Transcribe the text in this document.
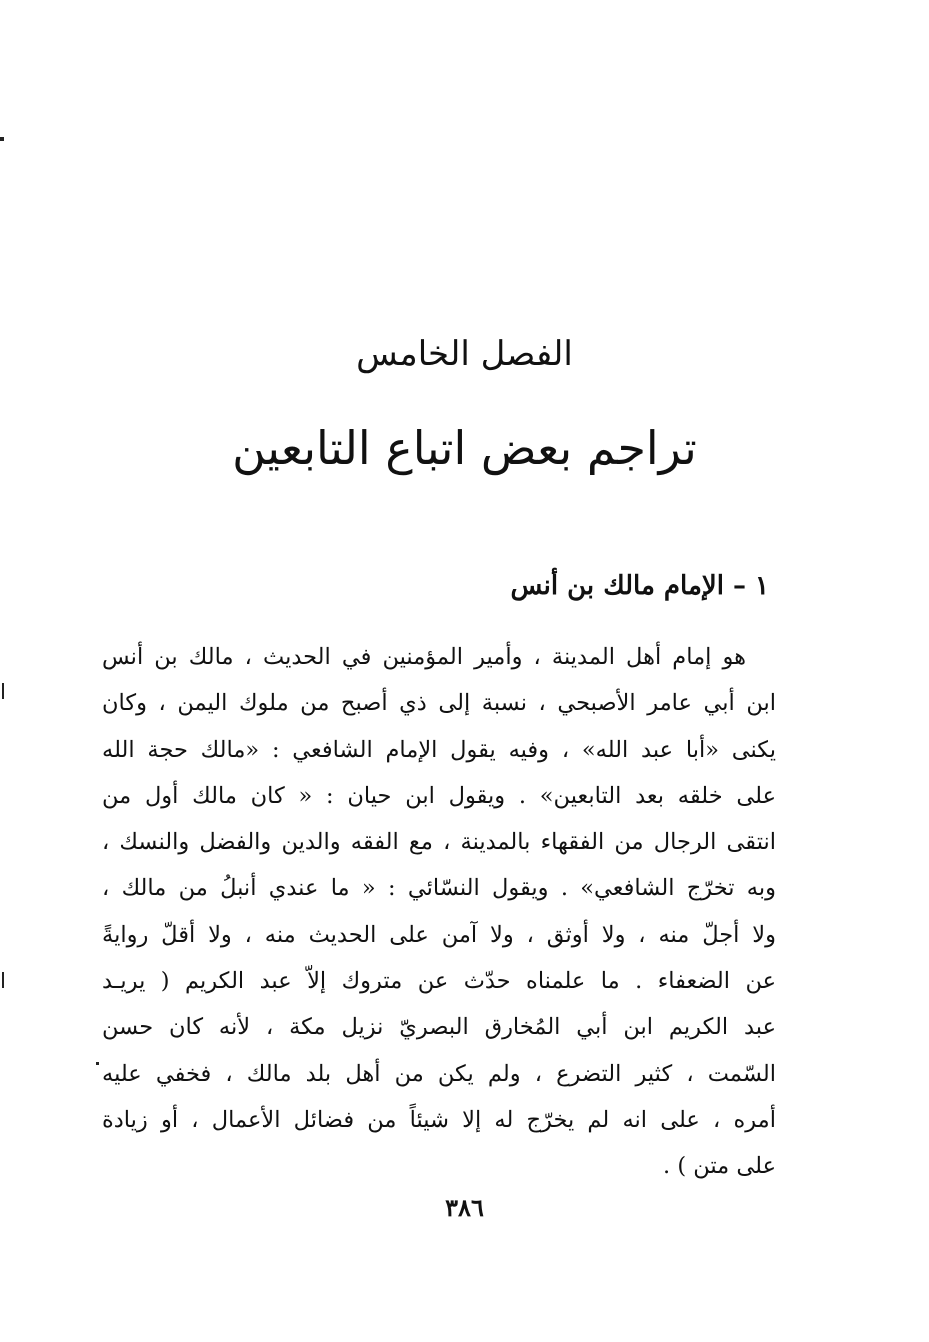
الفصل الخامس
تراجم بعض اتباع التابعين
١ – الإمام مالك بن أنس
هو إمام أهل المدينة ، وأمير المؤمنين في الحديث ، مالك بن أنس
ابن أبي عامر الأصبحي ، نسبة إلى ذي أصبح من ملوك اليمن ، وكان
يكنى «أبا عبد الله» ، وفيه يقول الإمام الشافعي : «مالك حجة الله
على خلقه بعد التابعين» . ويقول ابن حيان : « كان مالك أول من
انتقى الرجال من الفقهاء بالمدينة ، مع الفقه والدين والفضل والنسك ،
وبه تخرّج الشافعي» . ويقول النسّائي : « ما عندي أنبلُ من مالك ،
ولا أجلّ منه ، ولا أوثق ، ولا آمن على الحديث منه ، ولا أقلّ روايةً
عن الضعفاء . ما علمناه حدّث عن متروك إلاّ عبد الكريم ( يريـد
عبد الكريم ابن أبي المُخارق البصريّ نزيل مكة ، لأنه كان حسن
السّمت ، كثير التضرع ، ولم يكن من أهل بلد مالك ، فخفي عليه
أمره ، على انه لم يخرّج له إلا شيئاً من فضائل الأعمال ، أو زيادة
على متن ) .
٣٨٦
